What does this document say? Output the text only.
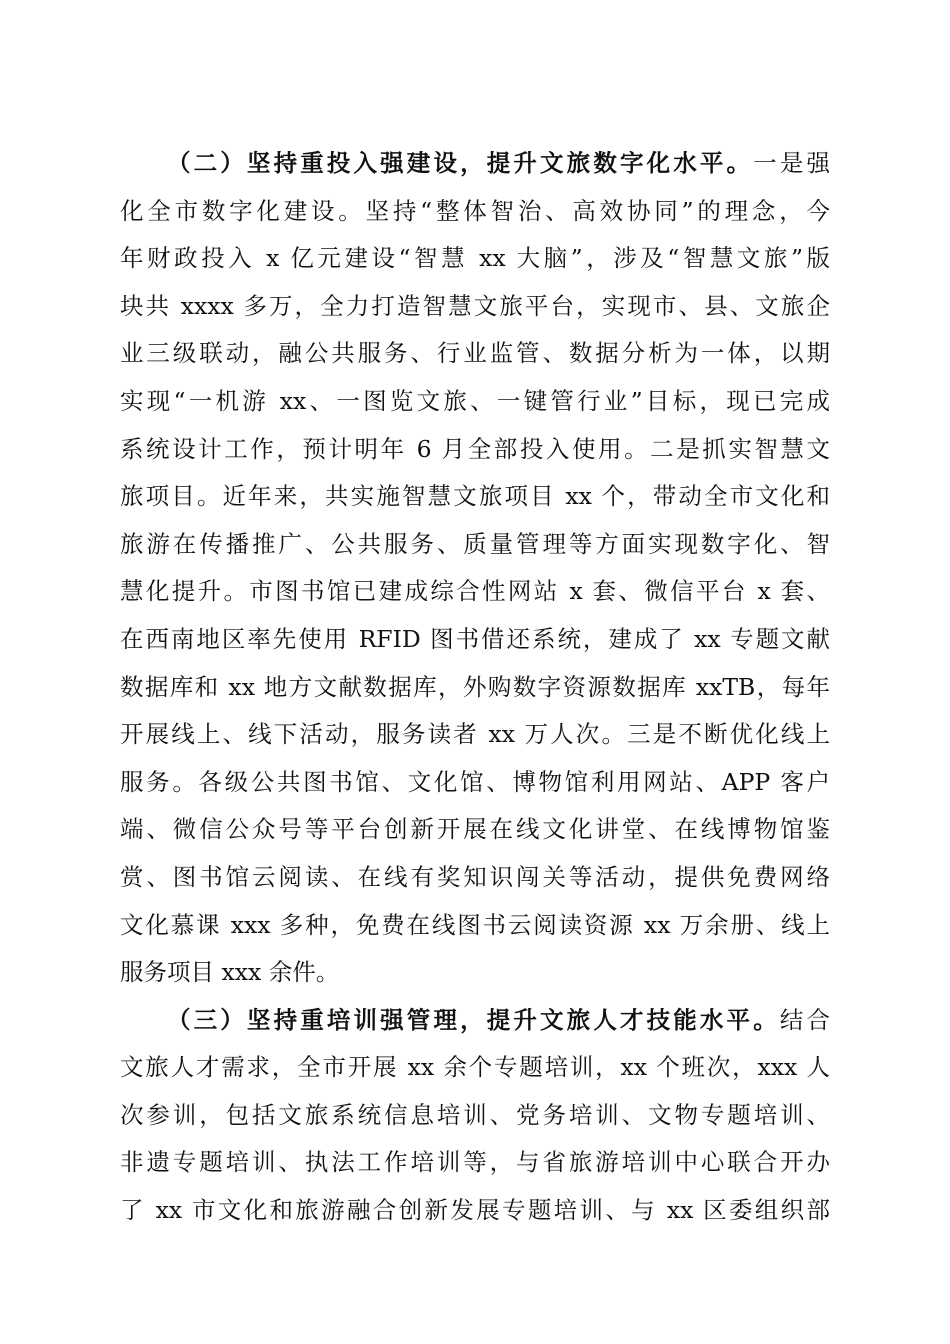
（二）坚持重投入强建设，提升文旅数字化水平。一是强
化全市数字化建设。坚持“整体智治、高效协同”的理念，今
年财政投入 x 亿元建设“智慧 xx 大脑”，涉及“智慧文旅”版
块共 xxxx 多万，全力打造智慧文旅平台，实现市、县、文旅企
业三级联动，融公共服务、行业监管、数据分析为一体，以期
实现“一机游 xx、一图览文旅、一键管行业”目标，现已完成
系统设计工作，预计明年 6 月全部投入使用。二是抓实智慧文
旅项目。近年来，共实施智慧文旅项目 xx 个，带动全市文化和
旅游在传播推广、公共服务、质量管理等方面实现数字化、智
慧化提升。市图书馆已建成综合性网站 x 套、微信平台 x 套、
在西南地区率先使用 RFID 图书借还系统，建成了 xx 专题文献
数据库和 xx 地方文献数据库，外购数字资源数据库 xxTB，每年
开展线上、线下活动，服务读者 xx 万人次。三是不断优化线上
服务。各级公共图书馆、文化馆、博物馆利用网站、APP 客户
端、微信公众号等平台创新开展在线文化讲堂、在线博物馆鉴
赏、图书馆云阅读、在线有奖知识闯关等活动，提供免费网络
文化慕课 xxx 多种，免费在线图书云阅读资源 xx 万余册、线上
服务项目 xxx 余件。
（三）坚持重培训强管理，提升文旅人才技能水平。结合
文旅人才需求，全市开展 xx 余个专题培训，xx 个班次，xxx 人
次参训，包括文旅系统信息培训、党务培训、文物专题培训、
非遗专题培训、执法工作培训等，与省旅游培训中心联合开办
了 xx 市文化和旅游融合创新发展专题培训、与 xx 区委组织部
